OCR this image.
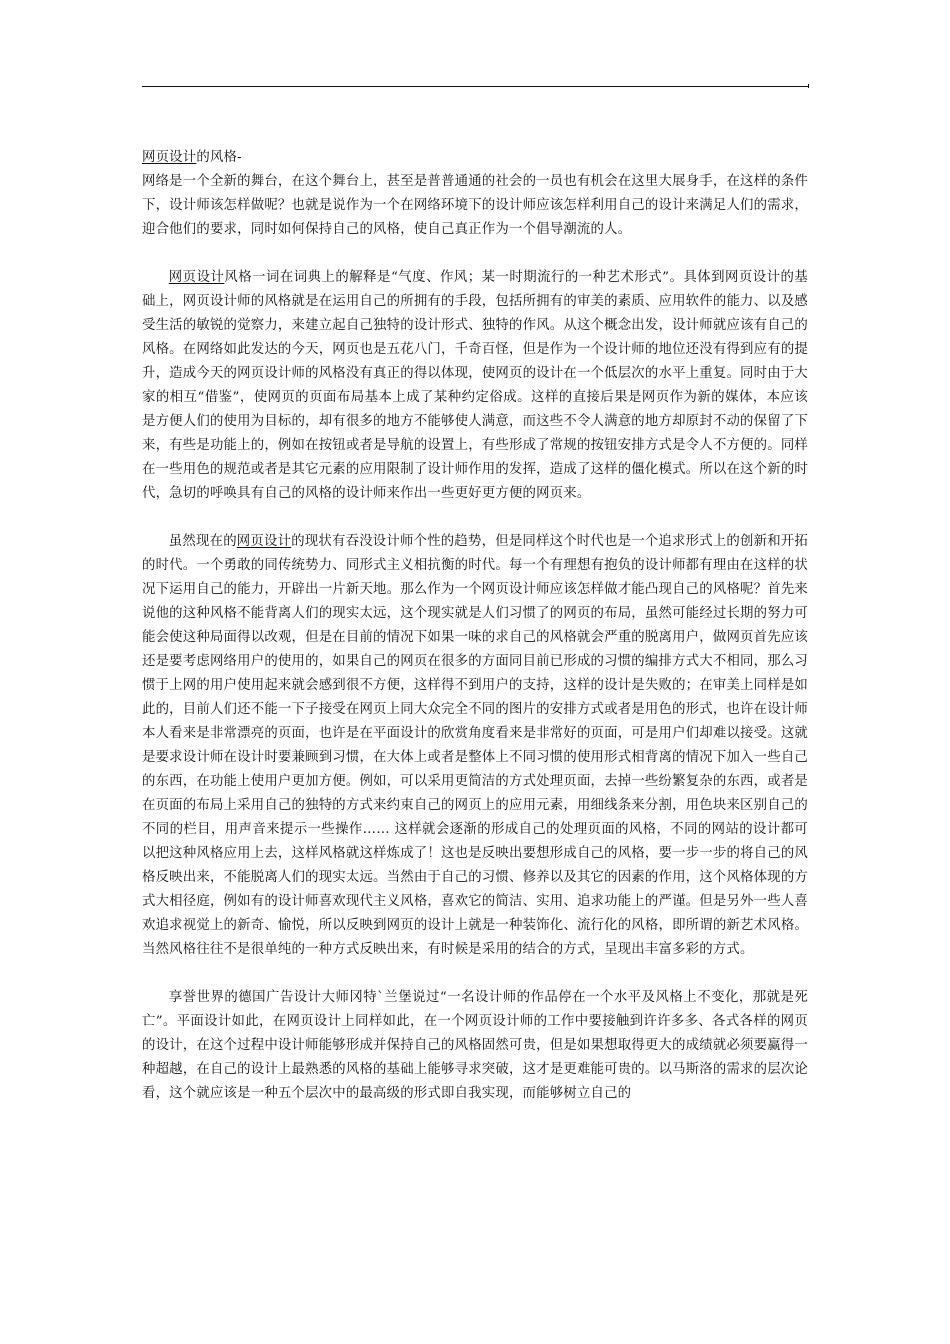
网页设计的风格-

网络是一个全新的舞台，在这个舞台上，甚至是普普通通的社会的一员也有机会在这里大展身手，在这样的条件下，设计师该怎样做呢？也就是说作为一个在网络环境下的设计师应该怎样利用自己的设计来满足人们的需求，迎合他们的要求，同时如何保持自己的风格，使自己真正作为一个倡导潮流的人。

网页设计风格一词在词典上的解释是“气度、作风；某一时期流行的一种艺术形式”。具体到网页设计的基础上，网页设计师的风格就是在运用自己的所拥有的手段，包括所拥有的审美的素质、应用软件的能力、以及感受生活的敏锐的觉察力，来建立起自己独特的设计形式、独特的作风。从这个概念出发，设计师就应该有自己的风格。在网络如此发达的今天，网页也是五花八门，千奇百怪，但是作为一个设计师的地位还没有得到应有的提升，造成今天的网页设计师的风格没有真正的得以体现，使网页的设计在一个低层次的水平上重复。同时由于大家的相互“借鉴”，使网页的页面布局基本上成了某种约定俗成。这样的直接后果是网页作为新的媒体，本应该是方便人们的使用为目标的，却有很多的地方不能够使人满意，而这些不令人满意的地方却原封不动的保留了下来，有些是功能上的，例如在按钮或者是导航的设置上，有些形成了常规的按钮安排方式是令人不方便的。同样在一些用色的规范或者是其它元素的应用限制了设计师作用的发挥，造成了这样的僵化模式。所以在这个新的时代，急切的呼唤具有自己的风格的设计师来作出一些更好更方便的网页来。

虽然现在的网页设计的现状有吞没设计师个性的趋势，但是同样这个时代也是一个追求形式上的创新和开拓的时代。一个勇敢的同传统势力、同形式主义相抗衡的时代。每一个有理想有抱负的设计师都有理由在这样的状况下运用自己的能力，开辟出一片新天地。那么作为一个网页设计师应该怎样做才能凸现自己的风格呢？首先来说他的这种风格不能背离人们的现实太远，这个现实就是人们习惯了的网页的布局，虽然可能经过长期的努力可能会使这种局面得以改观，但是在目前的情况下如果一味的求自己的风格就会严重的脱离用户，做网页首先应该还是要考虑网络用户的使用的，如果自己的网页在很多的方面同目前已形成的习惯的编排方式大不相同，那么习惯于上网的用户使用起来就会感到很不方便，这样得不到用户的支持，这样的设计是失败的；在审美上同样是如此的，目前人们还不能一下子接受在网页上同大众完全不同的图片的安排方式或者是用色的形式，也许在设计师本人看来是非常漂亮的页面，也许是在平面设计的欣赏角度看来是非常好的页面，可是用户们却难以接受。这就是要求设计师在设计时要兼顾到习惯，在大体上或者是整体上不同习惯的使用形式相背离的情况下加入一些自己的东西，在功能上使用户更加方便。例如，可以采用更简洁的方式处理页面，去掉一些纷繁复杂的东西，或者是在页面的布局上采用自己的独特的方式来约束自己的网页上的应用元素，用细线条来分割，用色块来区别自己的不同的栏目，用声音来提示一些操作…… 这样就会逐渐的形成自己的处理页面的风格，不同的网站的设计都可以把这种风格应用上去，这样风格就这样炼成了！这也是反映出要想形成自己的风格，要一步一步的将自己的风格反映出来，不能脱离人们的现实太远。当然由于自己的习惯、修养以及其它的因素的作用，这个风格体现的方式大相径庭，例如有的设计师喜欢现代主义风格，喜欢它的简洁、实用、追求功能上的严谨。但是另外一些人喜欢追求视觉上的新奇、愉悦，所以反映到网页的设计上就是一种装饰化、流行化的风格，即所谓的新艺术风格。当然风格往往不是很单纯的一种方式反映出来，有时候是采用的结合的方式，呈现出丰富多彩的方式。

享誉世界的德国广告设计大师冈特`兰堡说过“一名设计师的作品停在一个水平及风格上不变化，那就是死亡”。平面设计如此，在网页设计上同样如此，在一个网页设计师的工作中要接触到许许多多、各式各样的网页的设计，在这个过程中设计师能够形成并保持自己的风格固然可贵，但是如果想取得更大的成绩就必须要赢得一种超越，在自己的设计上最熟悉的风格的基础上能够寻求突破，这才是更难能可贵的。以马斯洛的需求的层次论看，这个就应该是一种五个层次中的最高级的形式即自我实现，而能够树立自己的
